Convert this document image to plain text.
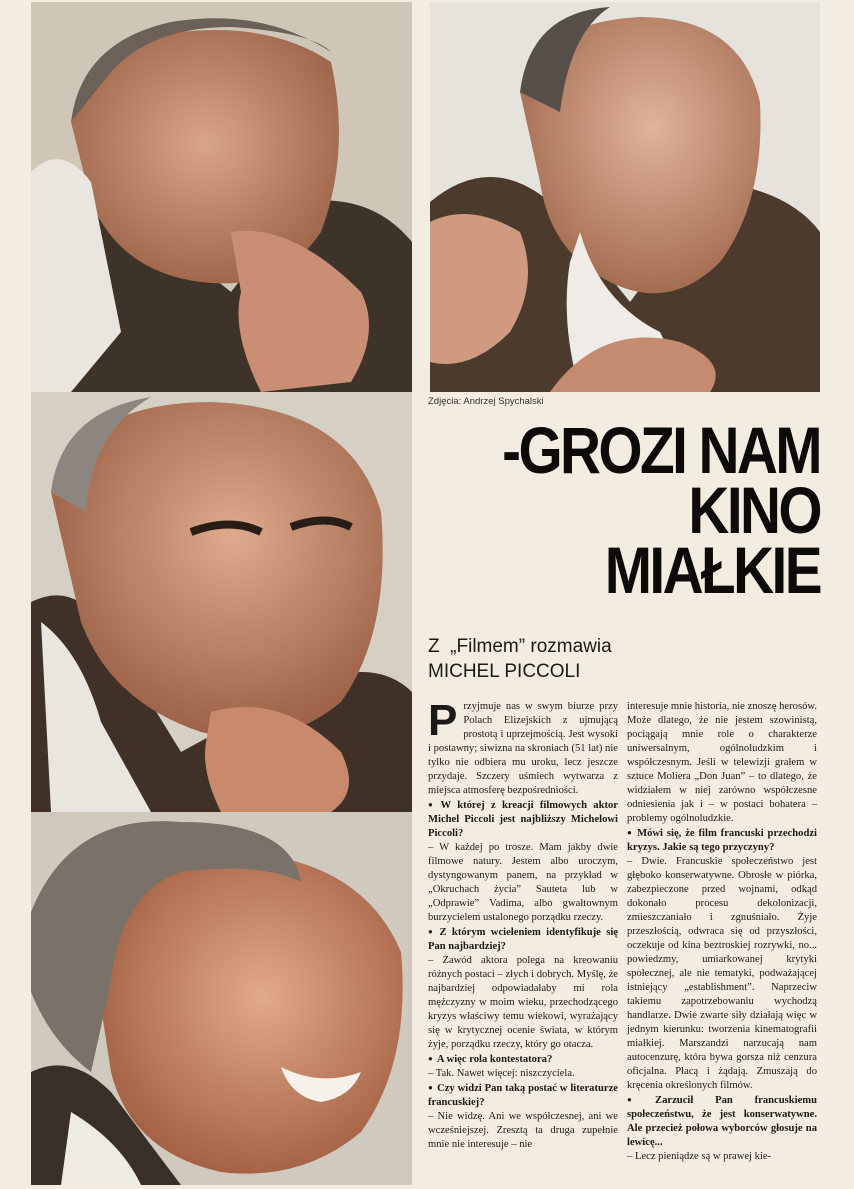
Zdjęcia: Andrzej Spychalski
-GROZI NAM
KINO
MIAŁKIE
Z  „Filmem” rozmawia
MICHEL PICCOLI
P rzyjmuje nas w swym biurze przy Polach Elizejskich z ujmującą prostotą i uprzejmością. Jest wysoki i postawny; siwizna na skroniach (51 lat) nie tylko nie odbiera mu uroku, lecz jeszcze przydaje. Szczery uśmiech wytwarza z miejsca atmosferę bezpośredniości.

● W której z kreacji filmowych aktor Michel Piccoli jest najbliższy Michelowi Piccoli?

– W każdej po trosze. Mam jakby dwie filmowe natury. Jestem albo uroczym, dystyngowanym panem, na przykład w „Okruchach życia” Sauteta lub w „Odprawie” Vadima, albo gwałtownym burzycielem ustalonego porządku rzeczy.

● Z którym wcieleniem identyfikuje się Pan najbardziej?

– Zawód aktora polega na kreowaniu różnych postaci – złych i dobrych. Myślę, że najbardziej odpowiadałaby mi rola mężczyzny w moim wieku, przechodzącego kryzys właściwy temu wiekowi, wyrażający się w krytycznej ocenie świata, w którym żyje, porządku rzeczy, który go otacza.

● A więc rola kontestatora?

– Tak. Nawet więcej: niszczyciela.

● Czy widzi Pan taką postać w literaturze francuskiej?

– Nie widzę. Ani we współczesnej, ani we wcześniejszej. Zresztą ta druga zupełnie mnie nie interesuje – nie

interesuje mnie historia, nie znoszę herosów. Może dlatego, że nie jestem szowinistą, pociągają mnie role o charakterze uniwersalnym, ogólnoludzkim i współczesnym. Jeśli w telewizji grałem w sztuce Moliera „Don Juan” – to dlatego, że widziałem w niej zarówno współczesne odniesienia jak i – w postaci bohatera – problemy ogólnoludzkie.

● Mówi się, że film francuski przechodzi kryzys. Jakie są tego przyczyny?

– Dwie. Francuskie społeczeństwo jest głęboko konserwatywne. Obrosłe w piórka, zabezpieczone przed wojnami, odkąd dokonało procesu dekolonizacji, zmieszczaniało i zgnuśniało. Żyje przeszłością, odwraca się od przyszłości, oczekuje od kina beztroskiej rozrywki, no... powiedzmy, umiarkowanej krytyki społecznej, ale nie tematyki, podważającej istniejący „establishment”. Naprzeciw takiemu zapotrzebowaniu wychodzą handlarze. Dwie zwarte siły działają więc w jednym kierunku: tworzenia kinematografii miałkiej. Marszandzi narzucają nam autocenzurę, która bywa gorsza niż cenzura oficjalna. Płacą i żądają. Zmuszają do kręcenia określonych filmów.

● Zarzucił Pan francuskiemu społeczeństwu, że jest konserwatywne. Ale przecież połowa wyborców głosuje na lewicę...

– Lecz pieniądze są w prawej kie-
